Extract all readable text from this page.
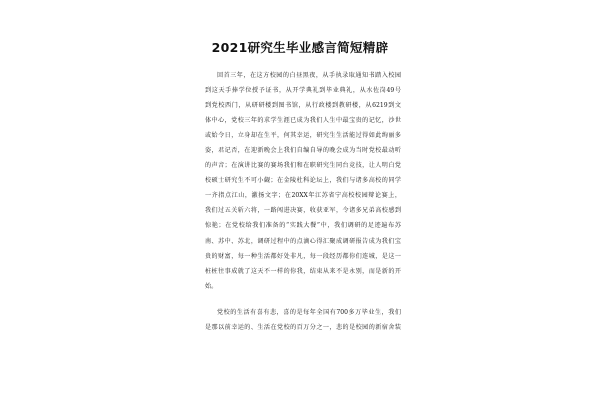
2021研究生毕业感言简短精辟
回首三年，在这方校园的白昼黑夜，从手执录取通知书踏入校园
到这天手捧学位授予证书，从开学典礼到毕业典礼，从水佐岗49号
到党校西门，从研研楼到图书馆，从行政楼到教研楼，从6219到文
体中心，党校三年的求学生涯已成为我们人生中最宝贵的记忆，沙世
或始令日，立身却在生平，何其幸运，研究生生活能过得如此绚丽多
姿，君记否，在迎新晚会上我们自编自导的晚会成为当时党校最动听
的声音；在演讲比赛的赛场我们和在职研究生同台竞技，让人明白党
校硕士研究生不可小觑；在金陵杜科论坛上，我们与诸多高校的同学
一齐指点江山，激扬文字；在20XX年江苏省宁高校校园辩论赛上，
我们过五关斩六将，一路闯进决赛，收获亚军，令诸多兄弟高校感到
惊艳；在党校给我们准备的“实践大餐”中，我们调研的足迹遍布苏
南、苏中、苏北，调研过程中的点滴心得汇聚成调研报告成为我们宝
贵的财富，每一种生活都好处非凡，每一段经历都你们连城，是这一
桩桩往事成就了这天不一样的你我，结束从来不是永别，而是新的开
始。
党校的生活有喜有悲，喜的是每年全国有700多万毕业生，我们
是那以前幸运的、生活在党校的百万分之一，悲的是校园的新宿舍装
